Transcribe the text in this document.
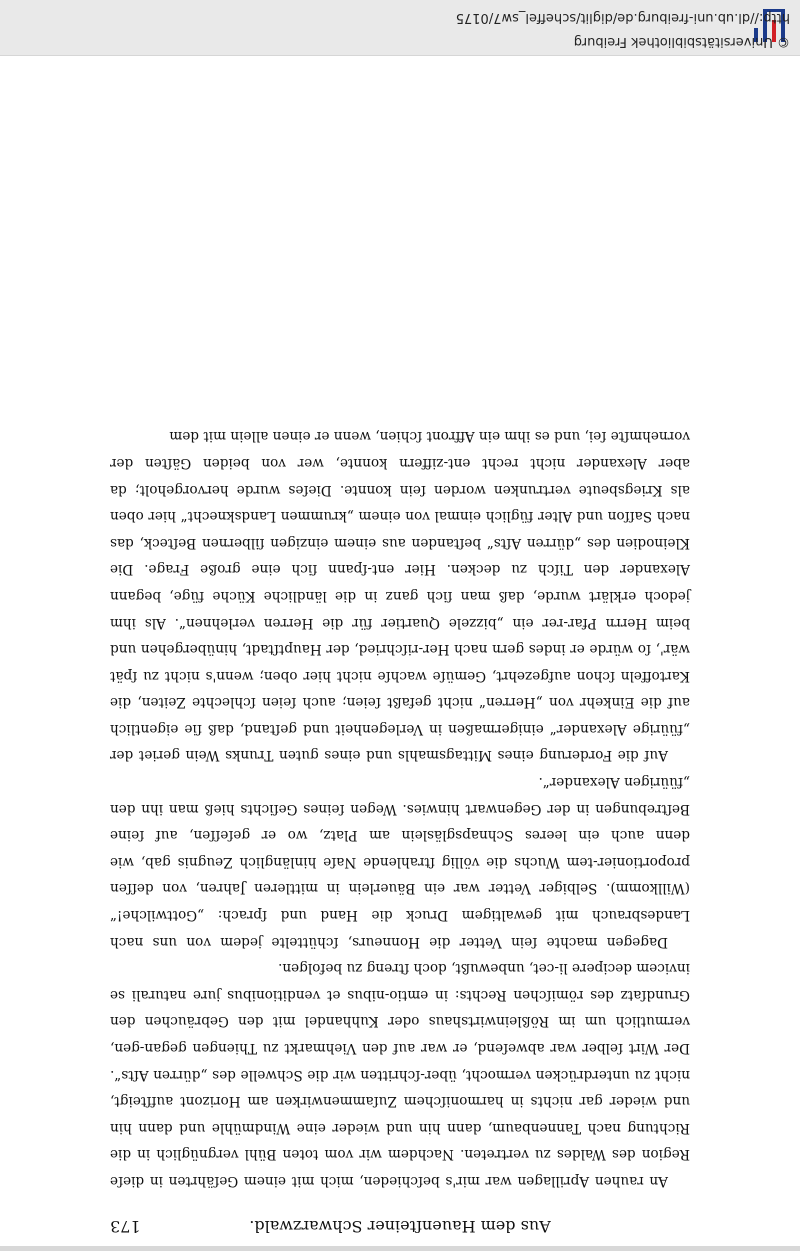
© Universitätsbibliothek Freiburg
http://dl.ub.uni-freiburg.de/diglit/scheffel_sw7/0175
Aus dem Hauenſteiner Schwarzwald.
173

An rauhen Aprillagen war mir's beſchieden, mich mit einem Geſährten in dieſe Region des Waldes zu vertreten. Nachdem wir vom toten Bühl vergnüglich in die Richtung nach Tannenbaum, dann hin und wieder eine Windmühle und dann hin und wieder gar nichts in harmoniſchem Zuſammenwirken am Horizont aufſteigt, nicht zu unterdrücken vermocht, über-ſchritten wir die Schwelle des „dürren Aſts“. Der Wirt ſelber war abweſend, er war auf den Viehmarkt zu Thiengen gegan-gen, vermutlich um im Rößleinwirtshaus oder Kuhhandel mit den Gebräuchen den Grundſatz des römiſchen Rechts: in emtio-nibus et venditionibus jure naturali se invicem decipere li-cet, unbewußt, doch ſtreng zu befolgen.

Dagegen machte ſein Vetter die Honneurs, ſchüttelte jedem von uns nach Landesbrauch mit gewaltigem Druck die Hand und ſprach: „Gottwilche!“ (Willkomm). Selbiger Vetter war ein Bäuerlein in mittleren Jahren, von deſſen proportionier-tem Wuchs die völlig ſtrahlende Naſe hinlänglich Zeugnis gab, wie denn auch ein leeres Schnapsgläslein am Platz, wo er geſeſſen, auf ſeine Beſtrebungen in der Gegenwart hinwies. Wegen ſeines Geſichts hieß man ihn den „füürigen Alexander“.

Auf die Forderung eines Mittagsmahls und eines guten Trunks Wein geriet der „füürige Alexander“ einigermaßen in Verlegenheit und geſtand, daß ſie eigentlich auf die Einkehr von „Herren“ nicht gefaßt ſeien; auch ſeien ſchlechte Zeiten, die Kartoffeln ſchon aufgezehrt, Gemüſe wachſe nicht hier oben; wenn's nicht zu ſpät wär', ſo würde er indes gern nach Her-riſchried, der Hauptſtadt, hinübergehen und beim Herrn Pfar-rer ein „bizzele Quartier für die Herren verlehnen“. Als ihm jedoch erklärt wurde, daß man ſich ganz in die ländliche Küche füge, begann Alexander den Tiſch zu decken. Hier ent-ſpann ſich eine große Frage. Die Kleinodien des „dürren Aſts“ beſtanden aus einem einzigen ſilbernen Beſteck, das nach Saſſon und Alter füglich einmal von einem „krummen Landsknecht“ hier oben als Kriegsbeute vertrunken worden ſein konnte. Dieſes wurde hervorgeholt; da aber Alexander nicht recht ent-ziffern konnte, wer von beiden Gäſten der vornehmſte ſei, und es ihm ein Affront ſchien, wenn er einen allein mit dem
